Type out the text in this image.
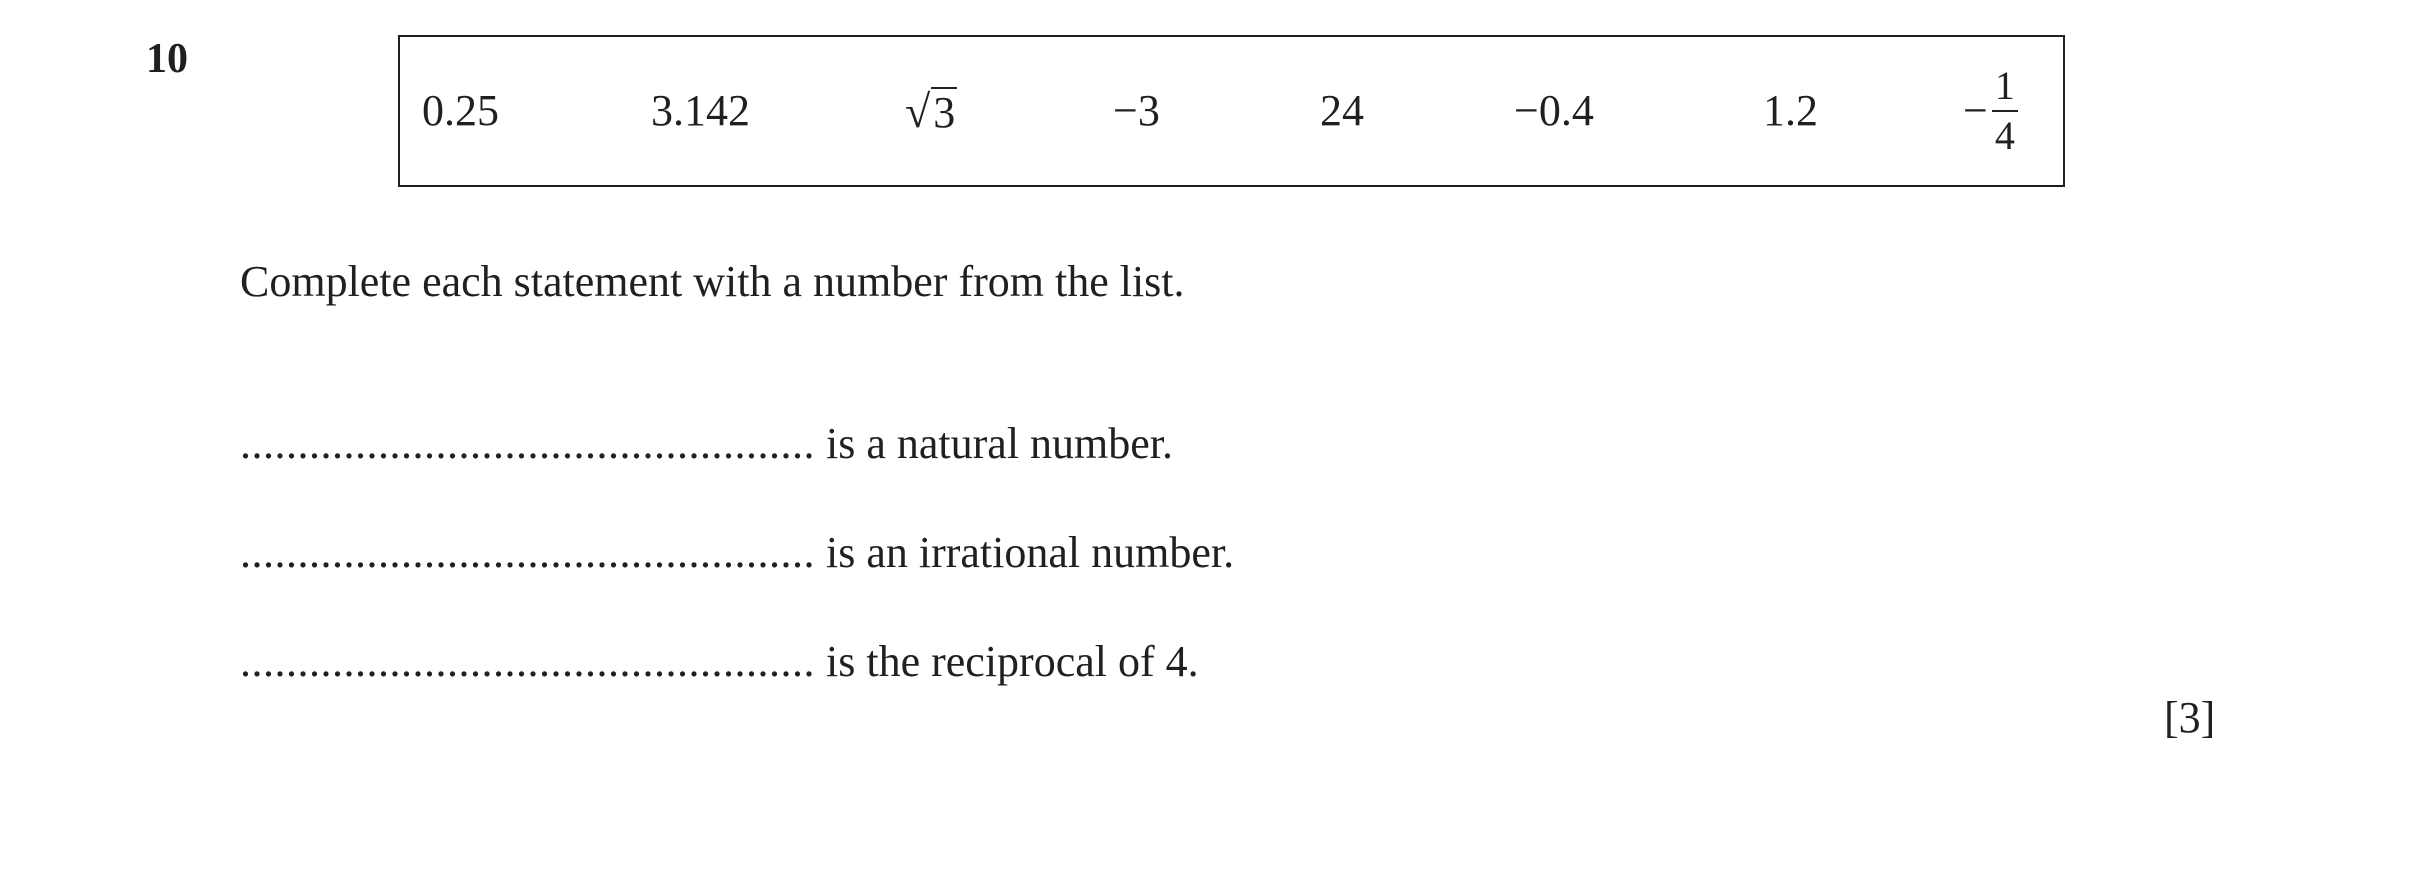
10
0.25	3.142	√ 3	−3	24	−0.4	1.2	− $\frac{1}{4}$
Complete each statement with a number from the list.
.................................................. is a natural number.
.................................................. is an irrational number.
.................................................. is the reciprocal of 4.
[3]
